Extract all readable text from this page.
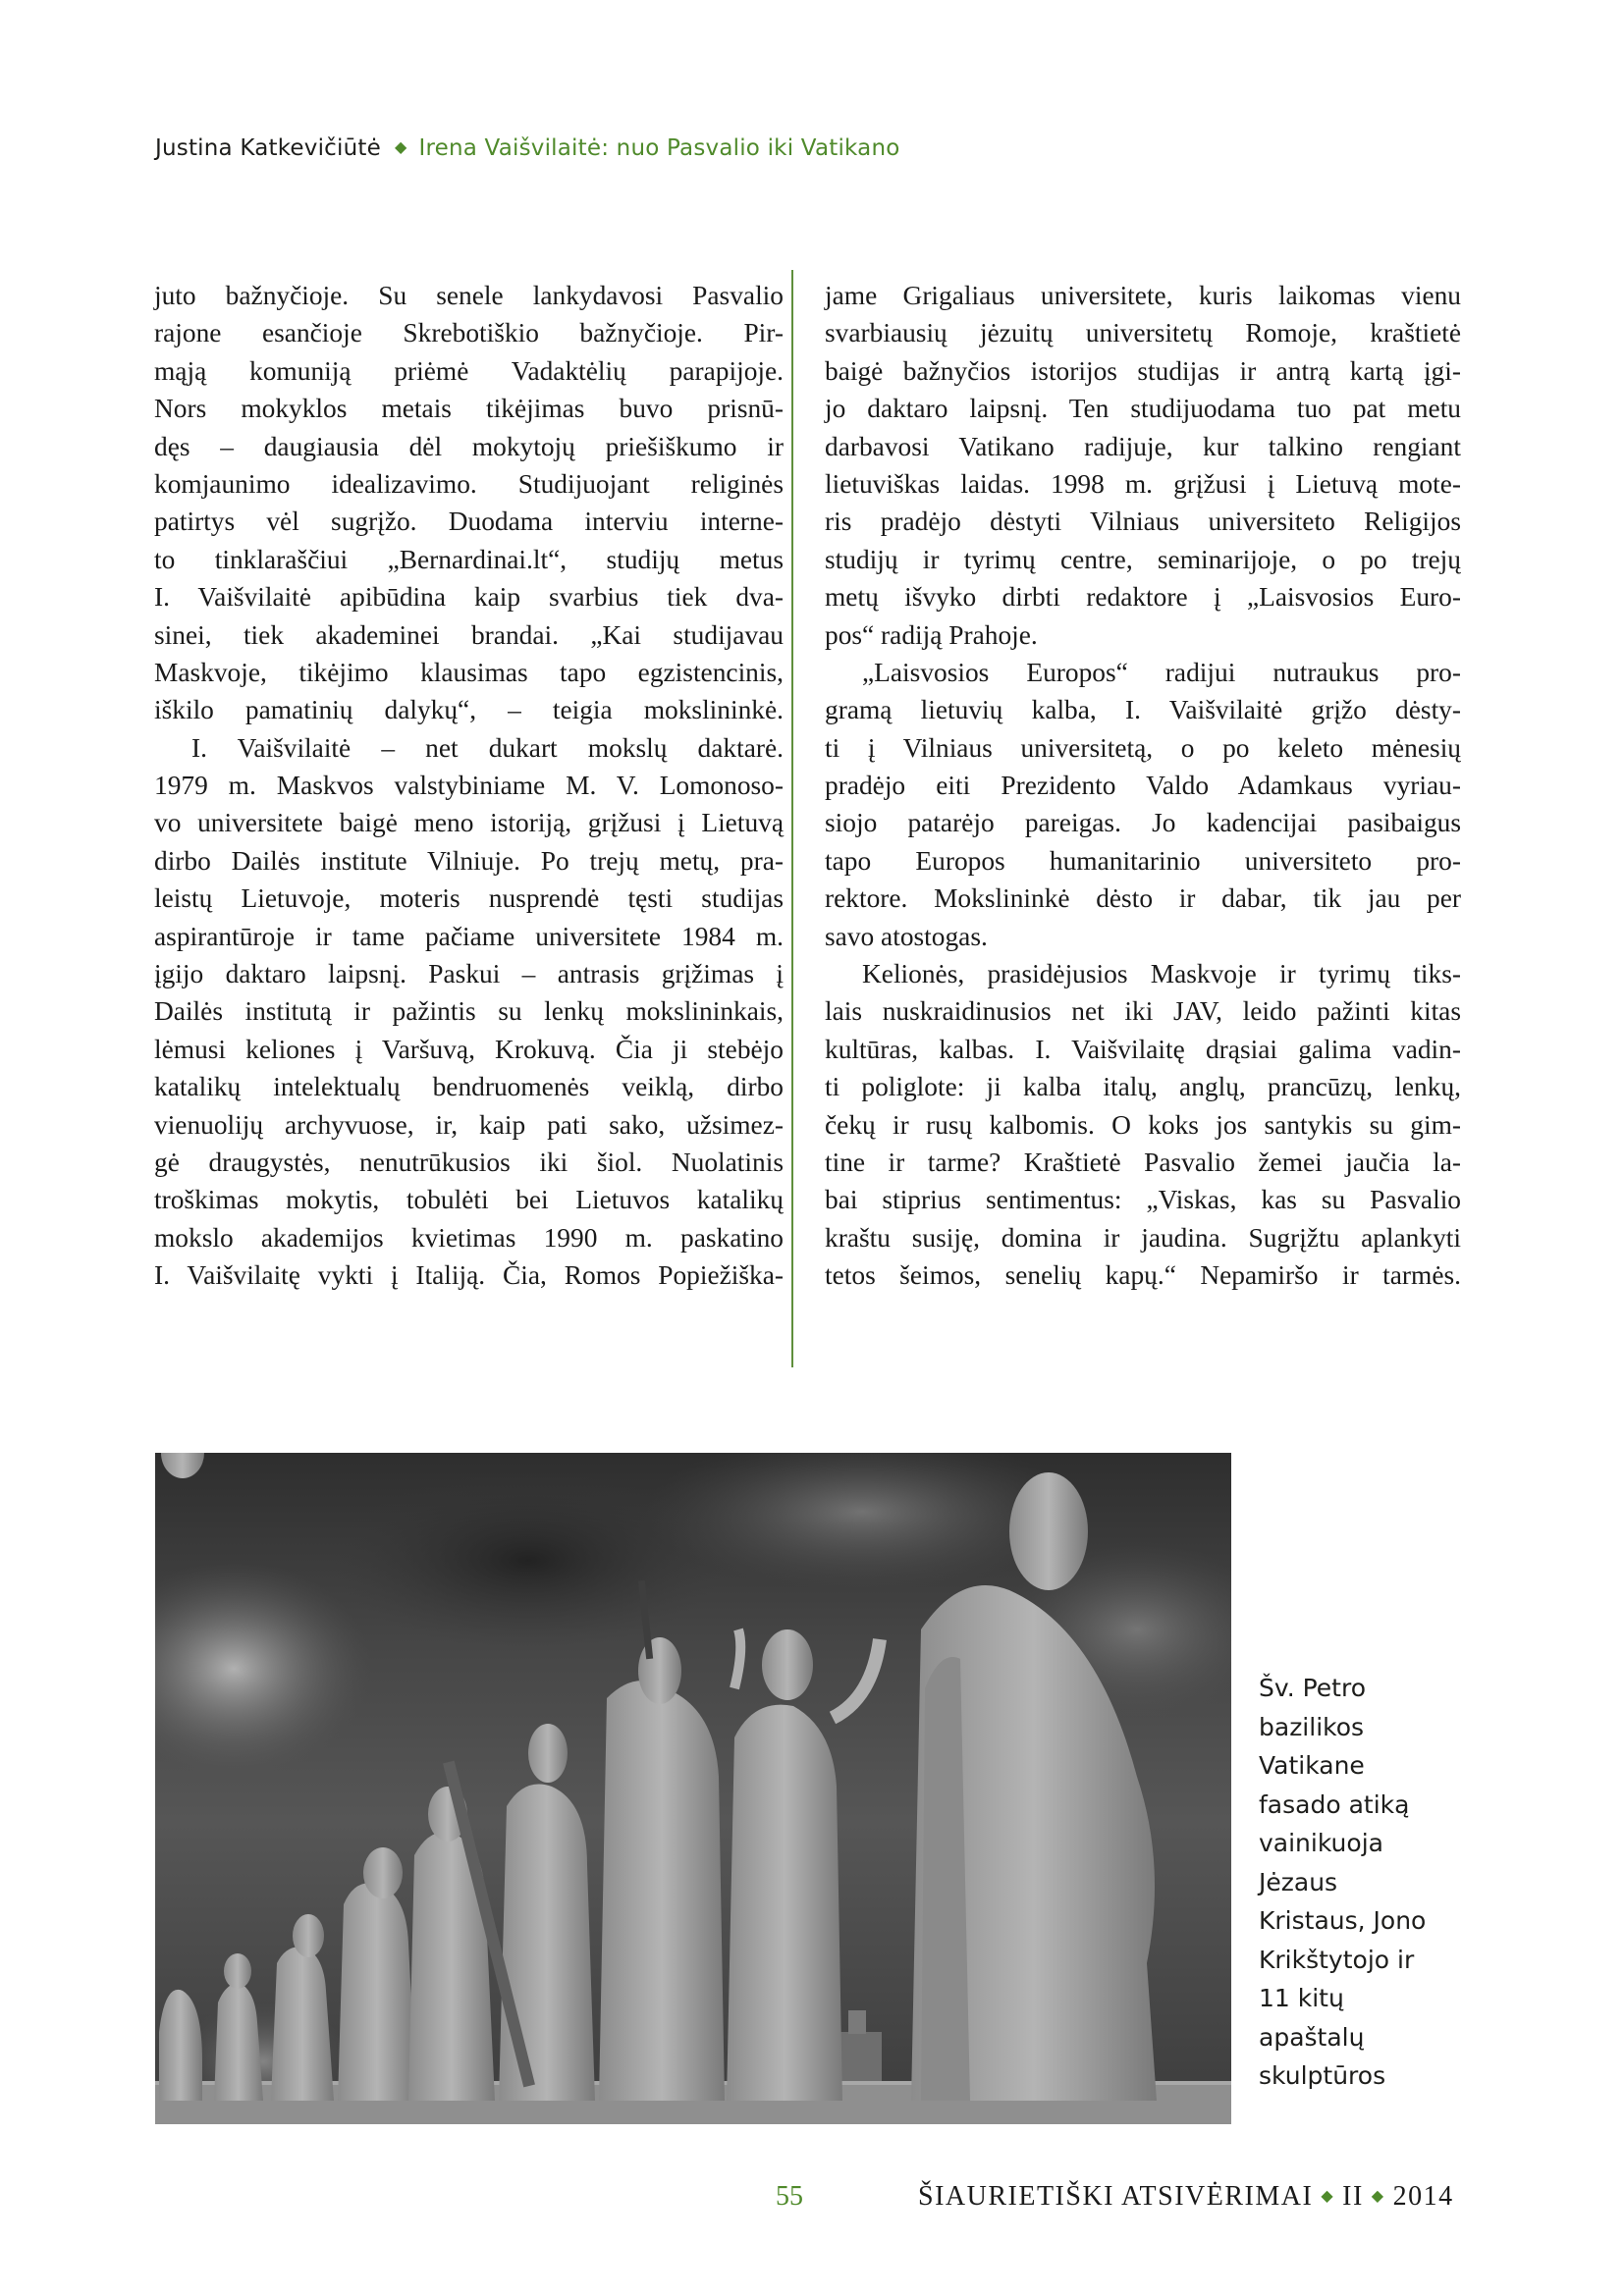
Justina Katkevičiūtė ◆ Irena Vaišvilaitė: nuo Pasvalio iki Vatikano
juto bažnyčioje. Su senele lankydavosi Pasvalio
rajone esančioje Skrebotiškio bažnyčioje. Pir-
mąją komuniją priėmė Vadaktėlių parapijoje.
Nors mokyklos metais tikėjimas buvo prisnū-
dęs – daugiausia dėl mokytojų priešiškumo ir
komjaunimo idealizavimo. Studijuojant religinės
patirtys vėl sugrįžo. Duodama interviu interne-
to tinklaraščiui „Bernardinai.lt“, studijų metus
I. Vaišvilaitė apibūdina kaip svarbius tiek dva-
sinei, tiek akademinei brandai. „Kai studijavau
Maskvoje, tikėjimo klausimas tapo egzistencinis,
iškilo pamatinių dalykų“, – teigia mokslininkė.
I. Vaišvilaitė – net dukart mokslų daktarė.
1979 m. Maskvos valstybiniame M. V. Lomonoso-
vo universitete baigė meno istoriją, grįžusi į Lietuvą
dirbo Dailės institute Vilniuje. Po trejų metų, pra-
leistų Lietuvoje, moteris nusprendė tęsti studijas
aspirantūroje ir tame pačiame universitete 1984 m.
įgijo daktaro laipsnį. Paskui – antrasis grįžimas į
Dailės institutą ir pažintis su lenkų mokslininkais,
lėmusi keliones į Varšuvą, Krokuvą. Čia ji stebėjo
katalikų intelektualų bendruomenės veiklą, dirbo
vienuolijų archyvuose, ir, kaip pati sako, užsimez-
gė draugystės, nenutrūkusios iki šiol. Nuolatinis
troškimas mokytis, tobulėti bei Lietuvos katalikų
mokslo akademijos kvietimas 1990 m. paskatino
I. Vaišvilaitę vykti į Italiją. Čia, Romos Popiežiška-
jame Grigaliaus universitete, kuris laikomas vienu
svarbiausių jėzuitų universitetų Romoje, kraštietė
baigė bažnyčios istorijos studijas ir antrą kartą įgi-
jo daktaro laipsnį. Ten studijuodama tuo pat metu
darbavosi Vatikano radijuje, kur talkino rengiant
lietuviškas laidas. 1998 m. grįžusi į Lietuvą mote-
ris pradėjo dėstyti Vilniaus universiteto Religijos
studijų ir tyrimų centre, seminarijoje, o po trejų
metų išvyko dirbti redaktore į „Laisvosios Euro-
pos“ radiją Prahoje.
„Laisvosios Europos“ radijui nutraukus pro-
gramą lietuvių kalba, I. Vaišvilaitė grįžo dėsty-
ti į Vilniaus universitetą, o po keleto mėnesių
pradėjo eiti Prezidento Valdo Adamkaus vyriau-
siojo patarėjo pareigas. Jo kadencijai pasibaigus
tapo Europos humanitarinio universiteto pro-
rektore. Mokslininkė dėsto ir dabar, tik jau per
savo atostogas.
Kelionės, prasidėjusios Maskvoje ir tyrimų tiks-
lais nuskraidinusios net iki JAV, leido pažinti kitas
kultūras, kalbas. I. Vaišvilaitę drąsiai galima vadin-
ti poliglote: ji kalba italų, anglų, prancūzų, lenkų,
čekų ir rusų kalbomis. O koks jos santykis su gim-
tine ir tarme? Kraštietė Pasvalio žemei jaučia la-
bai stiprius sentimentus: „Viskas, kas su Pasvalio
kraštu susiję, domina ir jaudina. Sugrįžtu aplankyti
tetos šeimos, senelių kapų.“ Nepamiršo ir tarmės.
Šv. Petro
bazilikos
Vatikane
fasado atiką
vainikuoja
Jėzaus
Kristaus, Jono
Krikštytojo ir
11 kitų
apaštalų
skulptūros
55	ŠIAURIETIŠKI ATSIVĖRIMAI ◆ II ◆ 2014
